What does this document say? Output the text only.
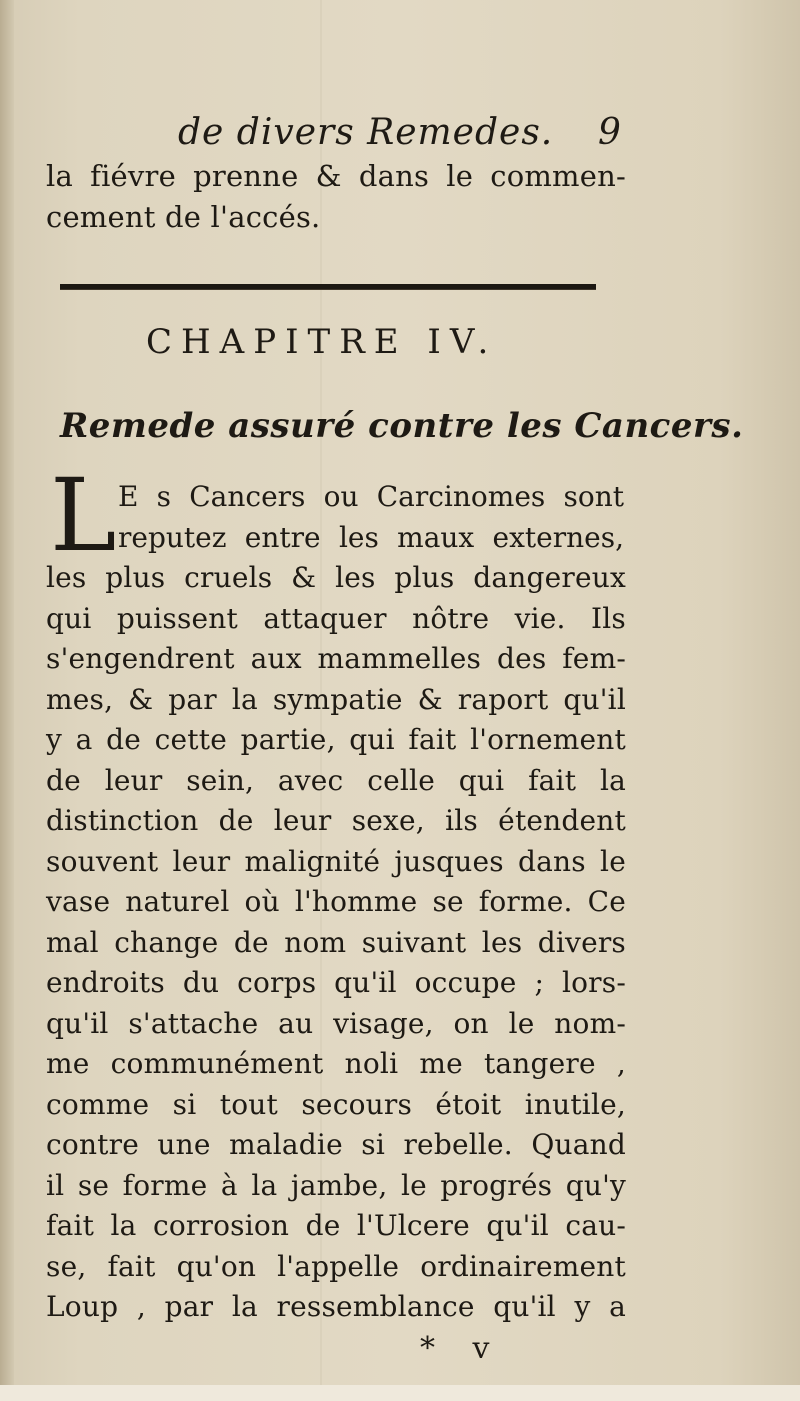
de divers Remedes. 9
la fiévre prenne & dans le commen-
cement de l'accés.
CHAPITRE IV.
Remede assuré contre les Cancers.
L E s Cancers ou Carcinomes sont
reputez entre les maux externes,
les plus cruels & les plus dangereux
qui puissent attaquer nôtre vie. Ils
s'engendrent aux mammelles des fem-
mes, & par la sympatie & raport qu'il
y a de cette partie, qui fait l'ornement
de leur sein, avec celle qui fait la
distinction de leur sexe, ils étendent
souvent leur malignité jusques dans le
vase naturel où l'homme se forme. Ce
mal change de nom suivant les divers
endroits du corps qu'il occupe ; lors-
qu'il s'attache au visage, on le nom-
me communément noli me tangere ,
comme si tout secours étoit inutile,
contre une maladie si rebelle. Quand
il se forme à la jambe, le progrés qu'y
fait la corrosion de l'Ulcere qu'il cau-
se, fait qu'on l'appelle ordinairement
Loup , par la ressemblance qu'il y a
* v
